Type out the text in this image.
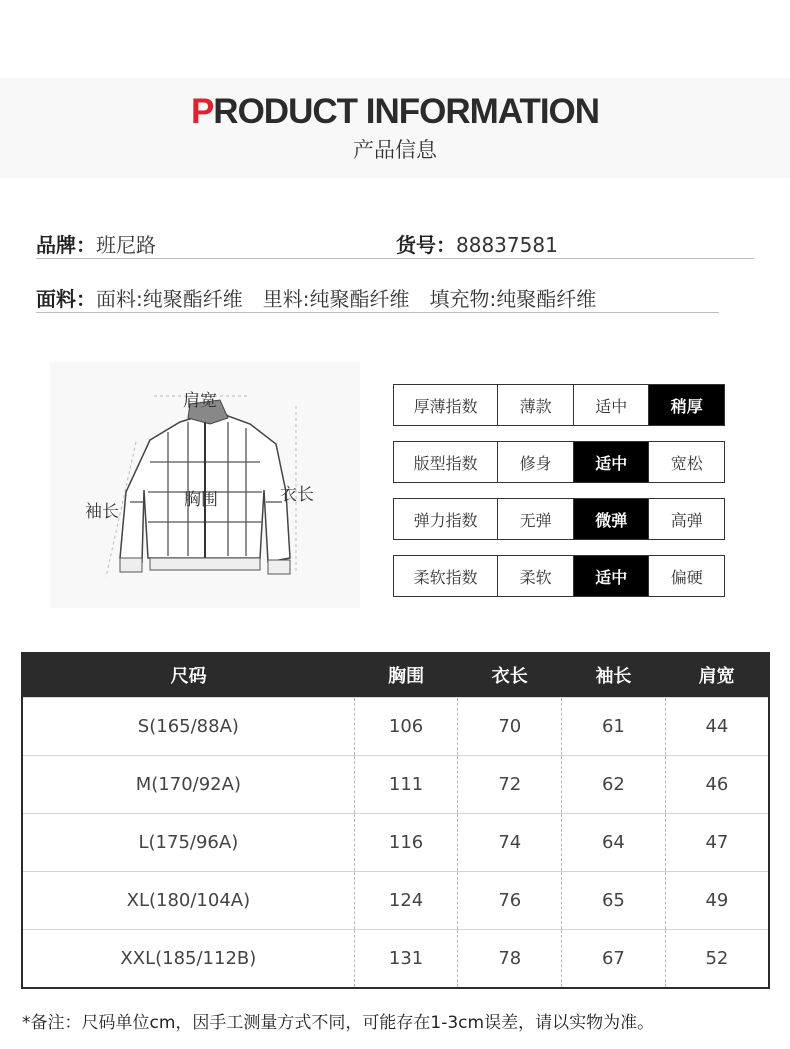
PRODUCT INFORMATION
产品信息
品牌：班尼路	货号：88837581
面料：面料:纯聚酯纤维　里料:纯聚酯纤维　填充物:纯聚酯纤维
肩宽
袖长
胸围	衣长
厚薄指数	薄款	适中	稍厚
版型指数	修身	适中	宽松
弹力指数	无弹	微弹	高弹
柔软指数	柔软	适中	偏硬
尺码	胸围	衣长	袖长	肩宽
S(165/88A)	106	70	61	44
M(170/92A)	111	72	62	46
L(175/96A)	116	74	64	47
XL(180/104A)	124	76	65	49
XXL(185/112B)	131	78	67	52
*备注：尺码单位cm，因手工测量方式不同，可能存在1-3cm误差，请以实物为准。
